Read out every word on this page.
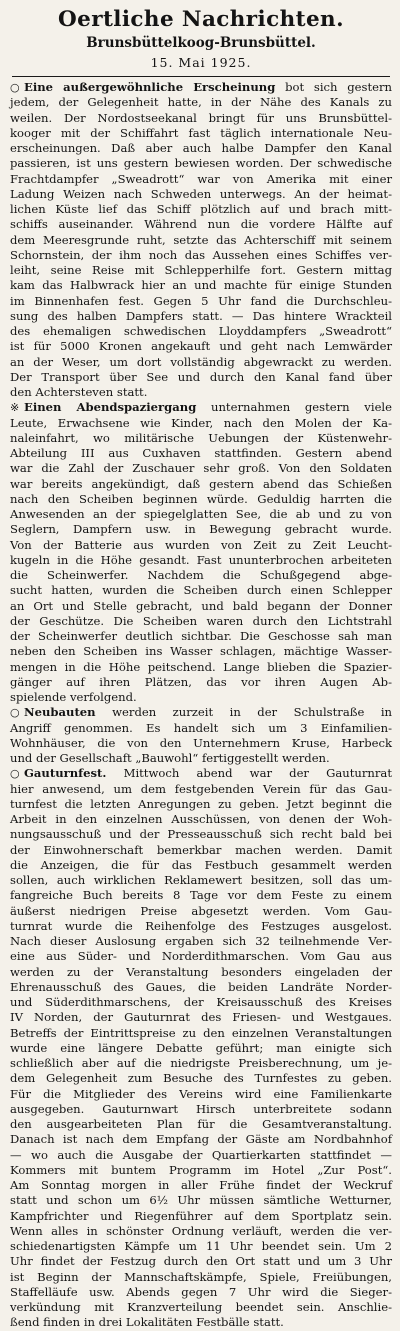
Oertliche Nachrichten.
Brunsbüttelkoog-Brunsbüttel.
15. Mai 1925.
○ Eine außergewöhnliche Erscheinung bot sich gestern
jedem, der Gelegenheit hatte, in der Nähe des Kanals zu
weilen. Der Nordostseekanal bringt für uns Brunsbüttel-
kooger mit der Schiffahrt fast täglich internationale Neu-
erscheinungen. Daß aber auch halbe Dampfer den Kanal
passieren, ist uns gestern bewiesen worden. Der schwedische
Frachtdampfer „Sweadrott“ war von Amerika mit einer
Ladung Weizen nach Schweden unterwegs. An der heimat-
lichen Küste lief das Schiff plötzlich auf und brach mitt-
schiffs auseinander. Während nun die vordere Hälfte auf
dem Meeresgrunde ruht, setzte das Achterschiff mit seinem
Schornstein, der ihm noch das Aussehen eines Schiffes ver-
leiht, seine Reise mit Schlepperhilfe fort. Gestern mittag
kam das Halbwrack hier an und machte für einige Stunden
im Binnenhafen fest. Gegen 5 Uhr fand die Durchschleu-
sung des halben Dampfers statt. — Das hintere Wrackteil
des ehemaligen schwedischen Lloyddampfers „Sweadrott“
ist für 5000 Kronen angekauft und geht nach Lemwärder
an der Weser, um dort vollständig abgewrackt zu werden.
Der Transport über See und durch den Kanal fand über
den Achtersteven statt.
※ Einen Abendspaziergang unternahmen gestern viele
Leute, Erwachsene wie Kinder, nach den Molen der Ka-
naleinfahrt, wo militärische Uebungen der Küstenwehr-
Abteilung III aus Cuxhaven stattfinden. Gestern abend
war die Zahl der Zuschauer sehr groß. Von den Soldaten
war bereits angekündigt, daß gestern abend das Schießen
nach den Scheiben beginnen würde. Geduldig harrten die
Anwesenden an der spiegelglatten See, die ab und zu von
Seglern, Dampfern usw. in Bewegung gebracht wurde.
Von der Batterie aus wurden von Zeit zu Zeit Leucht-
kugeln in die Höhe gesandt. Fast ununterbrochen arbeiteten
die Scheinwerfer. Nachdem die Schußgegend abge-
sucht hatten, wurden die Scheiben durch einen Schlepper
an Ort und Stelle gebracht, und bald begann der Donner
der Geschütze. Die Scheiben waren durch den Lichtstrahl
der Scheinwerfer deutlich sichtbar. Die Geschosse sah man
neben den Scheiben ins Wasser schlagen, mächtige Wasser-
mengen in die Höhe peitschend. Lange blieben die Spazier-
gänger auf ihren Plätzen, das vor ihren Augen Ab-
spielende verfolgend.
○ Neubauten werden zurzeit in der Schulstraße in
Angriff genommen. Es handelt sich um 3 Einfamilien-
Wohnhäuser, die von den Unternehmern Kruse, Harbeck
und der Gesellschaft „Bauwohl“ fertiggestellt werden.
○ Gauturnfest. Mittwoch abend war der Gauturnrat
hier anwesend, um dem festgebenden Verein für das Gau-
turnfest die letzten Anregungen zu geben. Jetzt beginnt die
Arbeit in den einzelnen Ausschüssen, von denen der Woh-
nungsausschuß und der Presseausschuß sich recht bald bei
der Einwohnerschaft bemerkbar machen werden. Damit
die Anzeigen, die für das Festbuch gesammelt werden
sollen, auch wirklichen Reklamewert besitzen, soll das um-
fangreiche Buch bereits 8 Tage vor dem Feste zu einem
äußerst niedrigen Preise abgesetzt werden. Vom Gau-
turnrat wurde die Reihenfolge des Festzuges ausgelost.
Nach dieser Auslosung ergaben sich 32 teilnehmende Ver-
eine aus Süder- und Norderdithmarschen. Vom Gau aus
werden zu der Veranstaltung besonders eingeladen der
Ehrenausschuß des Gaues, die beiden Landräte Norder-
und Süderdithmarschens, der Kreisausschuß des Kreises
IV Norden, der Gauturnrat des Friesen- und Westgaues.
Betreffs der Eintrittspreise zu den einzelnen Veranstaltungen
wurde eine längere Debatte geführt; man einigte sich
schließlich aber auf die niedrigste Preisberechnung, um je-
dem Gelegenheit zum Besuche des Turnfestes zu geben.
Für die Mitglieder des Vereins wird eine Familienkarte
ausgegeben. Gauturnwart Hirsch unterbreitete sodann
den ausgearbeiteten Plan für die Gesamtveranstaltung.
Danach ist nach dem Empfang der Gäste am Nordbahnhof
— wo auch die Ausgabe der Quartierkarten stattfindet —
Kommers mit buntem Programm im Hotel „Zur Post“.
Am Sonntag morgen in aller Frühe findet der Weckruf
statt und schon um 6½ Uhr müssen sämtliche Wetturner,
Kampfrichter und Riegenführer auf dem Sportplatz sein.
Wenn alles in schönster Ordnung verläuft, werden die ver-
schiedenartigsten Kämpfe um 11 Uhr beendet sein. Um 2
Uhr findet der Festzug durch den Ort statt und um 3 Uhr
ist Beginn der Mannschaftskämpfe, Spiele, Freiübungen,
Staffelläufe usw. Abends gegen 7 Uhr wird die Sieger-
verkündung mit Kranzverteilung beendet sein. Anschlie-
ßend finden in drei Lokalitäten Festbälle statt.
